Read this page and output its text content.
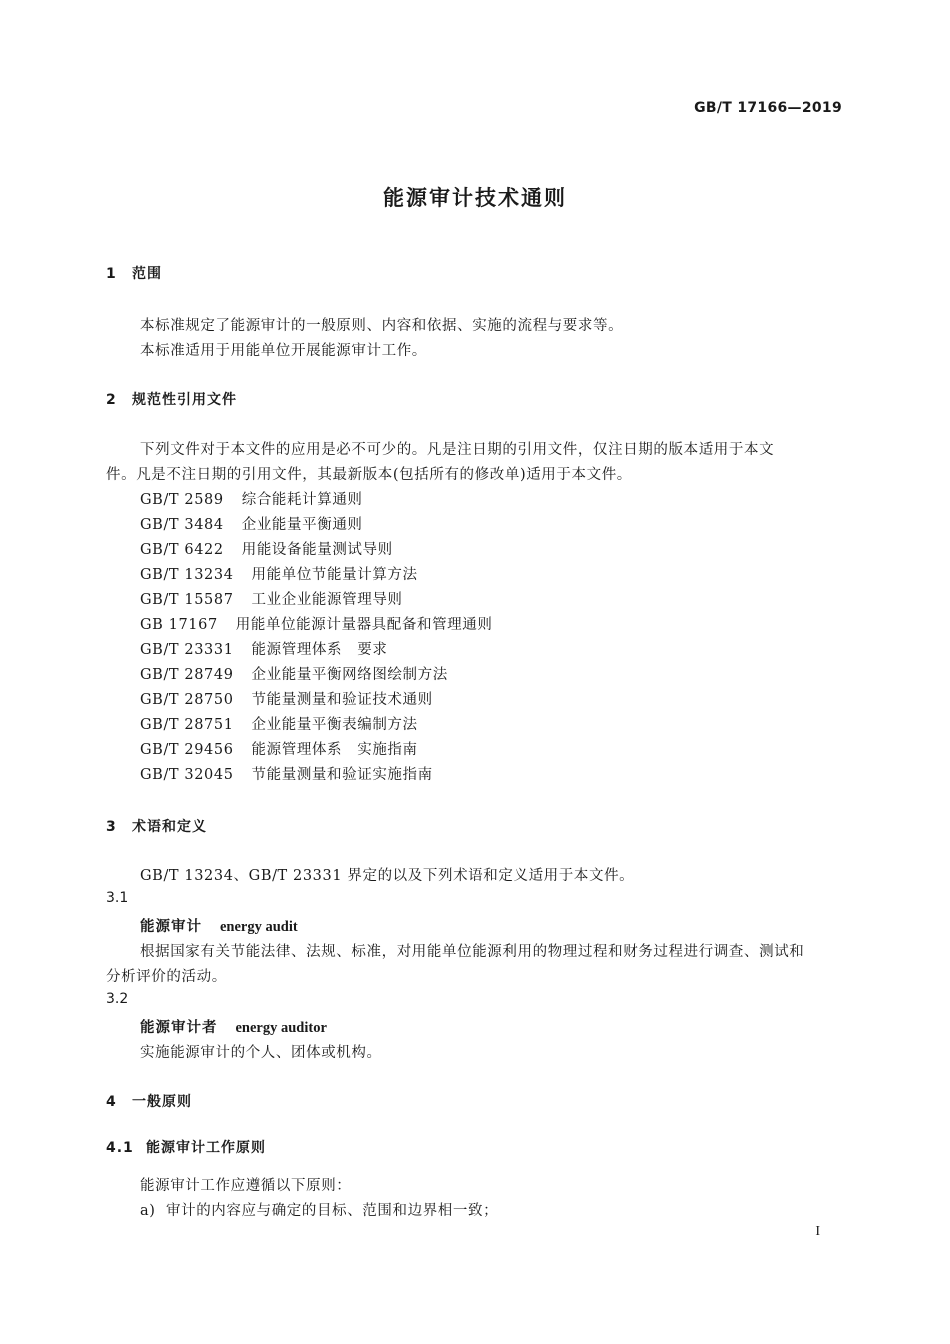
GB/T 17166—2019
能源审计技术通则
1 范围
本标准规定了能源审计的一般原则、内容和依据、实施的流程与要求等。
本标准适用于用能单位开展能源审计工作。
2 规范性引用文件
下列文件对于本文件的应用是必不可少的。凡是注日期的引用文件，仅注日期的版本适用于本文
件。凡是不注日期的引用文件，其最新版本(包括所有的修改单)适用于本文件。
GB/T 2589 综合能耗计算通则
GB/T 3484 企业能量平衡通则
GB/T 6422 用能设备能量测试导则
GB/T 13234 用能单位节能量计算方法
GB/T 15587 工业企业能源管理导则
GB 17167 用能单位能源计量器具配备和管理通则
GB/T 23331 能源管理体系　要求
GB/T 28749 企业能量平衡网络图绘制方法
GB/T 28750 节能量测量和验证技术通则
GB/T 28751 企业能量平衡表编制方法
GB/T 29456 能源管理体系　实施指南
GB/T 32045 节能量测量和验证实施指南
3 术语和定义
GB/T 13234、GB/T 23331 界定的以及下列术语和定义适用于本文件。
3.1
能源审计 energy audit
根据国家有关节能法律、法规、标准，对用能单位能源利用的物理过程和财务过程进行调查、测试和
分析评价的活动。
3.2
能源审计者 energy auditor
实施能源审计的个人、团体或机构。
4 一般原则
4.1 能源审计工作原则
能源审计工作应遵循以下原则：
a) 审计的内容应与确定的目标、范围和边界相一致；
I
